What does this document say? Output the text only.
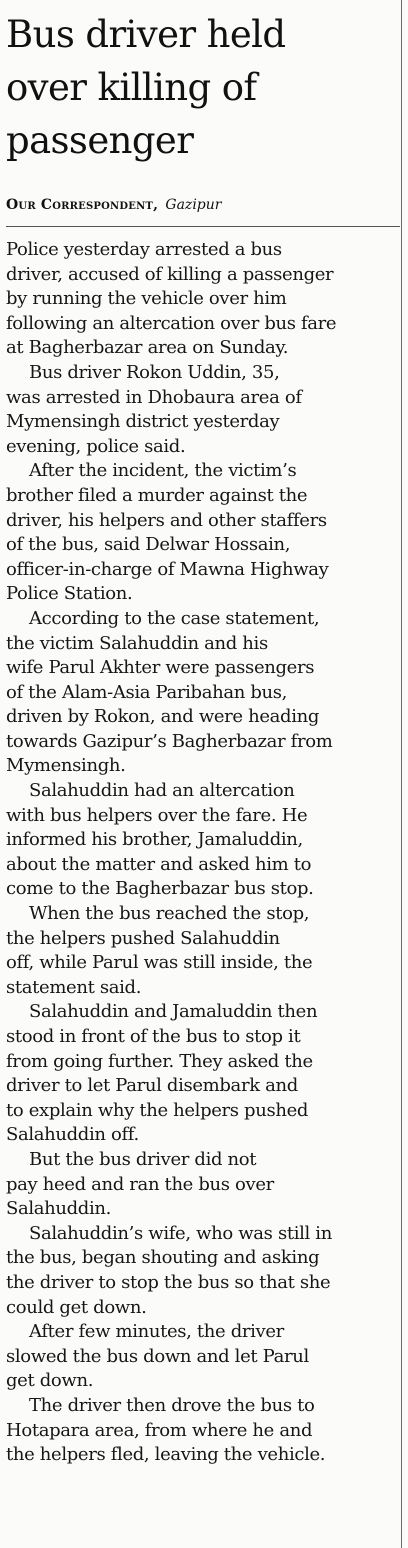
Bus driver held
over killing of
passenger
Our Correspondent, Gazipur
Police yesterday arrested a bus
driver, accused of killing a passenger
by running the vehicle over him
following an altercation over bus fare
at Bagherbazar area on Sunday.
Bus driver Rokon Uddin, 35,
was arrested in Dhobaura area of
Mymensingh district yesterday
evening, police said.
After the incident, the victim’s
brother filed a murder against the
driver, his helpers and other staffers
of the bus, said Delwar Hossain,
officer-in-charge of Mawna Highway
Police Station.
According to the case statement,
the victim Salahuddin and his
wife Parul Akhter were passengers
of the Alam-Asia Paribahan bus,
driven by Rokon, and were heading
towards Gazipur’s Bagherbazar from
Mymensingh.
Salahuddin had an altercation
with bus helpers over the fare. He
informed his brother, Jamaluddin,
about the matter and asked him to
come to the Bagherbazar bus stop.
When the bus reached the stop,
the helpers pushed Salahuddin
off, while Parul was still inside, the
statement said.
Salahuddin and Jamaluddin then
stood in front of the bus to stop it
from going further. They asked the
driver to let Parul disembark and
to explain why the helpers pushed
Salahuddin off.
But the bus driver did not
pay heed and ran the bus over
Salahuddin.
Salahuddin’s wife, who was still in
the bus, began shouting and asking
the driver to stop the bus so that she
could get down.
After few minutes, the driver
slowed the bus down and let Parul
get down.
The driver then drove the bus to
Hotapara area, from where he and
the helpers fled, leaving the vehicle.
